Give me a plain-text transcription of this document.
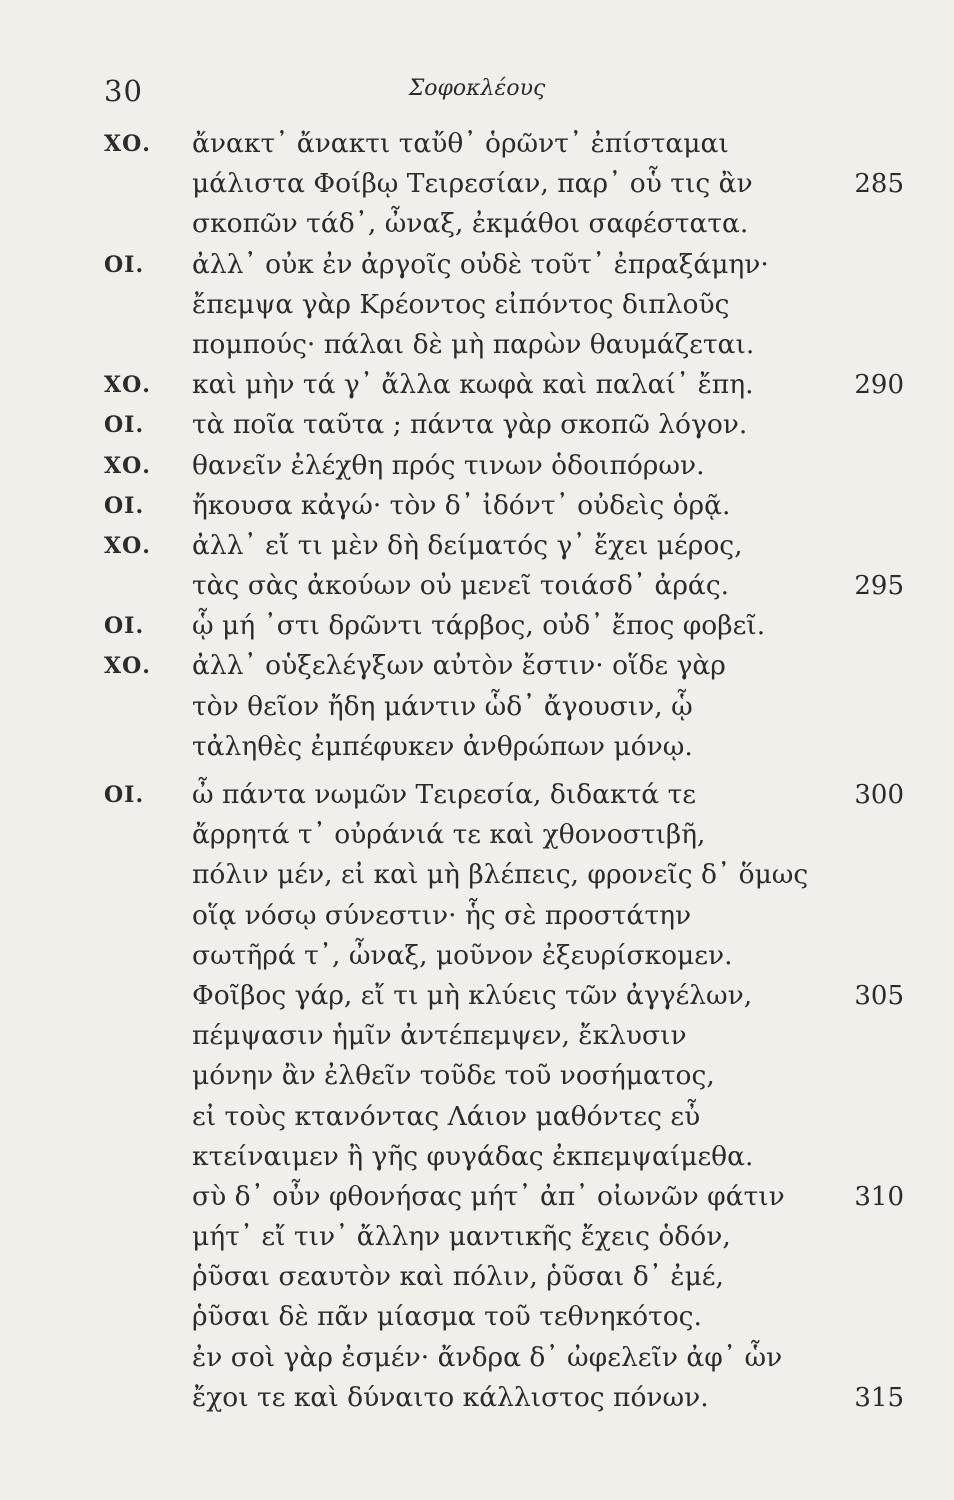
30	Σοφοκλέους
ΧΟ. ἄνακτ᾽ ἄνακτι ταὔθ᾽ ὁρῶντ᾽ ἐπίσταμαι
μάλιστα Φοίβῳ Τειρεσίαν, παρ᾽ οὗ τις ἂν	285
σκοπῶν τάδ᾽, ὦναξ, ἐκμάθοι σαφέστατα.
ΟΙ. ἀλλ᾽ οὐκ ἐν ἀργοῖς οὐδὲ τοῦτ᾽ ἐπραξάμην·
ἔπεμψα γὰρ Κρέοντος εἰπόντος διπλοῦς
πομπούς· πάλαι δὲ μὴ παρὼν θαυμάζεται.
ΧΟ. καὶ μὴν τά γ᾽ ἄλλα κωφὰ καὶ παλαί᾽ ἔπη.	290
ΟΙ. τὰ ποῖα ταῦτα ; πάντα γὰρ σκοπῶ λόγον.
ΧΟ. θανεῖν ἐλέχθη πρός τινων ὁδοιπόρων.
ΟΙ. ἤκουσα κἀγώ· τὸν δ᾽ ἰδόντ᾽ οὐδεὶς ὁρᾷ.
ΧΟ. ἀλλ᾽ εἴ τι μὲν δὴ δείματός γ᾽ ἔχει μέρος,
τὰς σὰς ἀκούων οὐ μενεῖ τοιάσδ᾽ ἀράς.	295
ΟΙ. ᾧ μή ᾽στι δρῶντι τάρβος, οὐδ᾽ ἔπος φοβεῖ.
ΧΟ. ἀλλ᾽ οὑξελέγξων αὐτὸν ἔστιν· οἵδε γὰρ
τὸν θεῖον ἤδη μάντιν ὧδ᾽ ἄγουσιν, ᾧ
τἀληθὲς ἐμπέφυκεν ἀνθρώπων μόνῳ.
ΟΙ. ὦ πάντα νωμῶν Τειρεσία, διδακτά τε	300
ἄρρητά τ᾽ οὐράνιά τε καὶ χθονοστιβῆ,
πόλιν μέν, εἰ καὶ μὴ βλέπεις, φρονεῖς δ᾽ ὅμως
οἵᾳ νόσῳ σύνεστιν· ἧς σὲ προστάτην
σωτῆρά τ᾽, ὦναξ, μοῦνον ἐξευρίσκομεν.
Φοῖβος γάρ, εἴ τι μὴ κλύεις τῶν ἀγγέλων,	305
πέμψασιν ἡμῖν ἀντέπεμψεν, ἔκλυσιν
μόνην ἂν ἐλθεῖν τοῦδε τοῦ νοσήματος,
εἰ τοὺς κτανόντας Λάιον μαθόντες εὖ
κτείναιμεν ἢ γῆς φυγάδας ἐκπεμψαίμεθα.
σὺ δ᾽ οὖν φθονήσας μήτ᾽ ἀπ᾽ οἰωνῶν φάτιν	310
μήτ᾽ εἴ τιν᾽ ἄλλην μαντικῆς ἔχεις ὁδόν,
ῥῦσαι σεαυτὸν καὶ πόλιν, ῥῦσαι δ᾽ ἐμέ,
ῥῦσαι δὲ πᾶν μίασμα τοῦ τεθνηκότος.
ἐν σοὶ γὰρ ἐσμέν· ἄνδρα δ᾽ ὠφελεῖν ἀφ᾽ ὧν
ἔχοι τε καὶ δύναιτο κάλλιστος πόνων.	315
